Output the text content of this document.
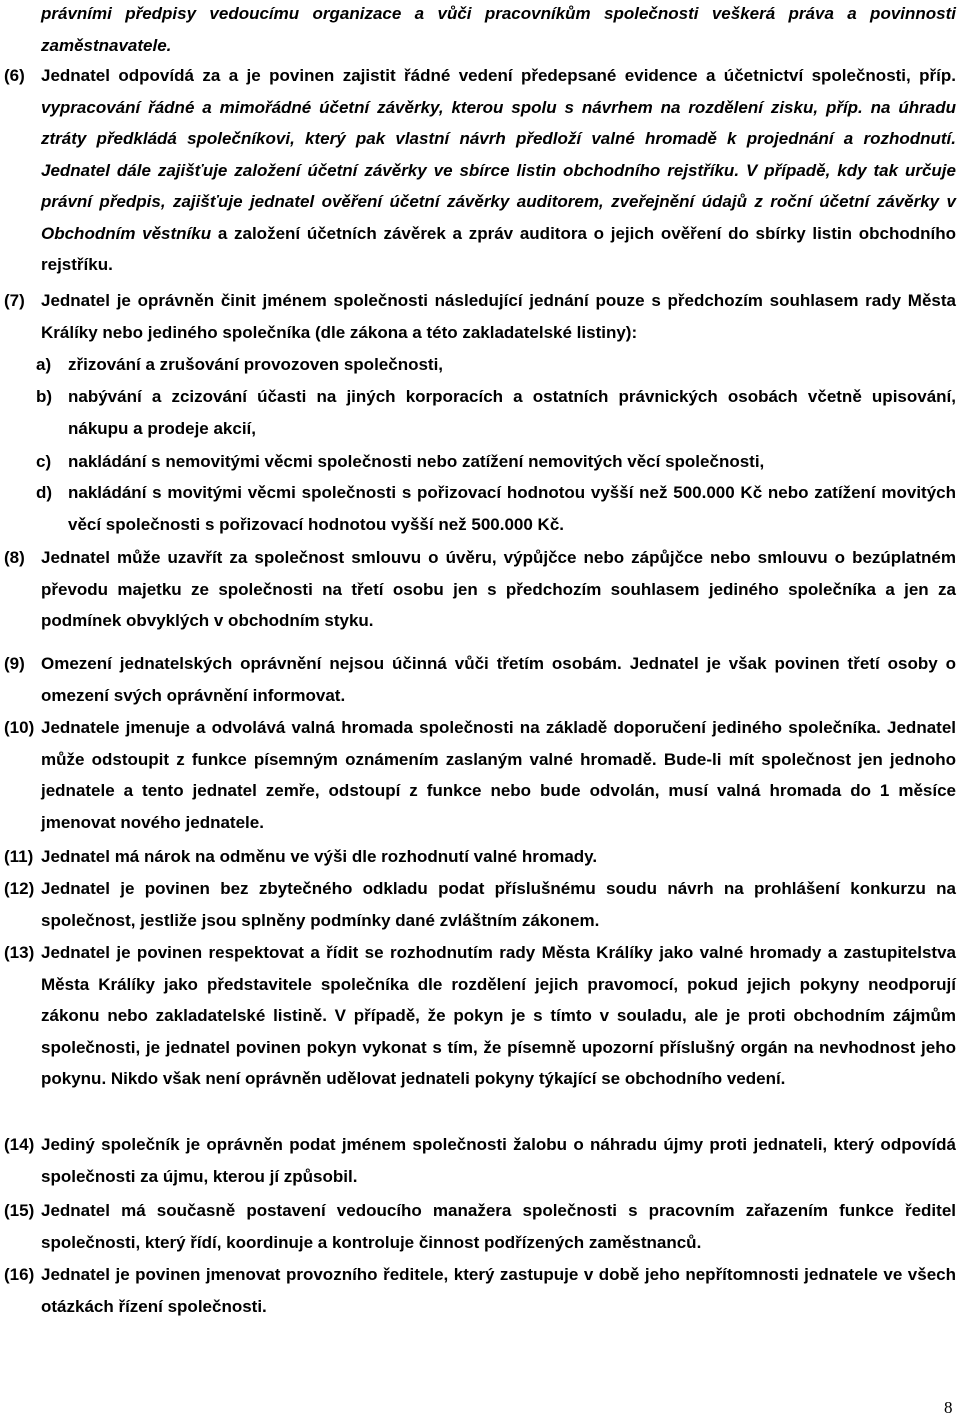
právními předpisy vedoucímu organizace a vůči pracovníkům společnosti veškerá práva a povinnosti zaměstnavatele.
(6) Jednatel odpovídá za a je povinen zajistit řádné vedení předepsané evidence a účetnictví společnosti, příp. vypracování řádné a mimořádné účetní závěrky, kterou spolu s návrhem na rozdělení zisku, příp. na úhradu ztráty předkládá společníkovi, který pak vlastní návrh předloží valné hromadě k projednání a rozhodnutí. Jednatel dále zajišťuje založení účetní závěrky ve sbírce listin obchodního rejstříku. V případě, kdy tak určuje právní předpis, zajišťuje jednatel ověření účetní závěrky auditorem, zveřejnění údajů z roční účetní závěrky v Obchodním věstníku a založení účetních závěrek a zpráv auditora o jejich ověření do sbírky listin obchodního rejstříku.
(7) Jednatel je oprávněn činit jménem společnosti následující jednání pouze s předchozím souhlasem rady Města Králíky nebo jediného společníka (dle zákona a této zakladatelské listiny):
a) zřizování a zrušování provozoven společnosti,
b) nabývání a zcizování účasti na jiných korporacích a ostatních právnických osobách včetně upisování, nákupu a prodeje akcií,
c) nakládání s nemovitými věcmi společnosti nebo zatížení nemovitých věcí společnosti,
d) nakládání s movitými věcmi společnosti s pořizovací hodnotou vyšší než 500.000 Kč nebo zatížení movitých věcí společnosti s pořizovací hodnotou vyšší než 500.000 Kč.
(8) Jednatel může uzavřít za společnost smlouvu o úvěru, výpůjčce nebo zápůjčce nebo smlouvu o bezúplatném převodu majetku ze společnosti na třetí osobu jen s předchozím souhlasem jediného společníka a jen za podmínek obvyklých v obchodním styku.
(9) Omezení jednatelských oprávnění nejsou účinná vůči třetím osobám. Jednatel je však povinen třetí osoby o omezení svých oprávnění informovat.
(10) Jednatele jmenuje a odvolává valná hromada společnosti na základě doporučení jediného společníka. Jednatel může odstoupit z funkce písemným oznámením zaslaným valné hromadě. Bude-li mít společnost jen jednoho jednatele a tento jednatel zemře, odstoupí z funkce nebo bude odvolán, musí valná hromada do 1 měsíce jmenovat nového jednatele.
(11) Jednatel má nárok na odměnu ve výši dle rozhodnutí valné hromady.
(12) Jednatel je povinen bez zbytečného odkladu podat příslušnému soudu návrh na prohlášení konkurzu na společnost, jestliže jsou splněny podmínky dané zvláštním zákonem.
(13) Jednatel je povinen respektovat a řídit se rozhodnutím rady Města Králíky jako valné hromady a zastupitelstva Města Králíky jako představitele společníka dle rozdělení jejich pravomocí, pokud jejich pokyny neodporují zákonu nebo zakladatelské listině. V případě, že pokyn je s tímto v souladu, ale je proti obchodním zájmům společnosti, je jednatel povinen pokyn vykonat s tím, že písemně upozorní příslušný orgán na nevhodnost jeho pokynu. Nikdo však není oprávněn udělovat jednateli pokyny týkající se obchodního vedení.
(14) Jediný společník je oprávněn podat jménem společnosti žalobu o náhradu újmy proti jednateli, který odpovídá společnosti za újmu, kterou jí způsobil.
(15) Jednatel má současně postavení vedoucího manažera společnosti s pracovním zařazením funkce ředitel společnosti, který řídí, koordinuje a kontroluje činnost podřízených zaměstnanců.
(16) Jednatel je povinen jmenovat provozního ředitele, který zastupuje v době jeho nepřítomnosti jednatele ve všech otázkách řízení společnosti.
8
